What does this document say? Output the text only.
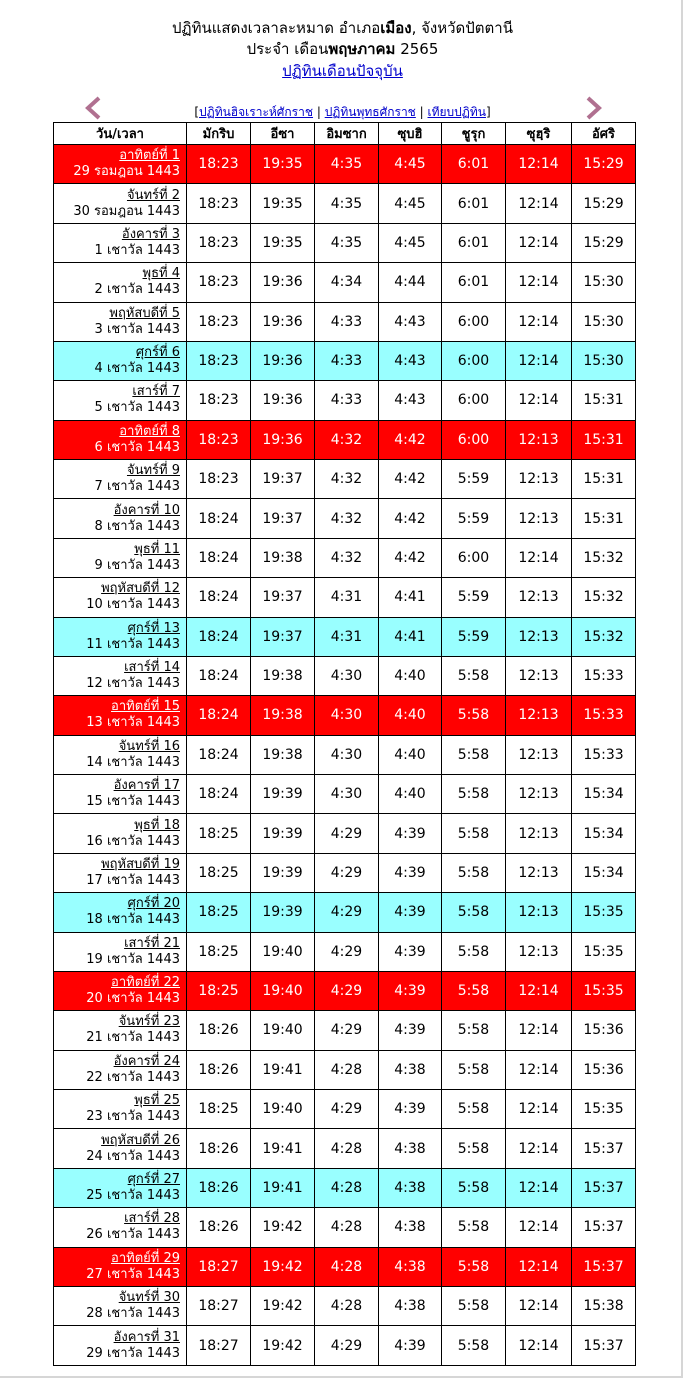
ปฏิทินแสดงเวลาละหมาด อำเภอเมือง, จังหวัดปัตตานี
ประจำ เดือนพฤษภาคม 2565
ปฏิทินเดือนปัจจุบัน
[ปฏิทินฮิจเราะห์ศักราช | ปฏิทินพุทธศักราช | เทียบปฏิทิน]
วัน/เวลา	มักริบ	อีซา	อิมซาก	ซุบฮิ	ชูรุก	ซุฮฺริ	อัศริ

อาทิตย์ที่ 1
29 รอมฎอน 1443	18:23	19:35	4:35	4:45	6:01	12:14	15:29

จันทร์ที่ 2
30 รอมฎอน 1443	18:23	19:35	4:35	4:45	6:01	12:14	15:29

อังคารที่ 3
1 เชาวัล 1443	18:23	19:35	4:35	4:45	6:01	12:14	15:29

พุธที่ 4
2 เชาวัล 1443	18:23	19:36	4:34	4:44	6:01	12:14	15:30

พฤหัสบดีที่ 5
3 เชาวัล 1443	18:23	19:36	4:33	4:43	6:00	12:14	15:30

ศุกร์ที่ 6
4 เชาวัล 1443	18:23	19:36	4:33	4:43	6:00	12:14	15:30

เสาร์ที่ 7
5 เชาวัล 1443	18:23	19:36	4:33	4:43	6:00	12:14	15:31

อาทิตย์ที่ 8
6 เชาวัล 1443	18:23	19:36	4:32	4:42	6:00	12:13	15:31

จันทร์ที่ 9
7 เชาวัล 1443	18:23	19:37	4:32	4:42	5:59	12:13	15:31

อังคารที่ 10
8 เชาวัล 1443	18:24	19:37	4:32	4:42	5:59	12:13	15:31

พุธที่ 11
9 เชาวัล 1443	18:24	19:38	4:32	4:42	6:00	12:14	15:32

พฤหัสบดีที่ 12
10 เชาวัล 1443	18:24	19:37	4:31	4:41	5:59	12:13	15:32

ศุกร์ที่ 13
11 เชาวัล 1443	18:24	19:37	4:31	4:41	5:59	12:13	15:32

เสาร์ที่ 14
12 เชาวัล 1443	18:24	19:38	4:30	4:40	5:58	12:13	15:33

อาทิตย์ที่ 15
13 เชาวัล 1443	18:24	19:38	4:30	4:40	5:58	12:13	15:33

จันทร์ที่ 16
14 เชาวัล 1443	18:24	19:38	4:30	4:40	5:58	12:13	15:33

อังคารที่ 17
15 เชาวัล 1443	18:24	19:39	4:30	4:40	5:58	12:13	15:34

พุธที่ 18
16 เชาวัล 1443	18:25	19:39	4:29	4:39	5:58	12:13	15:34

พฤหัสบดีที่ 19
17 เชาวัล 1443	18:25	19:39	4:29	4:39	5:58	12:13	15:34

ศุกร์ที่ 20
18 เชาวัล 1443	18:25	19:39	4:29	4:39	5:58	12:13	15:35

เสาร์ที่ 21
19 เชาวัล 1443	18:25	19:40	4:29	4:39	5:58	12:13	15:35

อาทิตย์ที่ 22
20 เชาวัล 1443	18:25	19:40	4:29	4:39	5:58	12:14	15:35

จันทร์ที่ 23
21 เชาวัล 1443	18:26	19:40	4:29	4:39	5:58	12:14	15:36

อังคารที่ 24
22 เชาวัล 1443	18:26	19:41	4:28	4:38	5:58	12:14	15:36

พุธที่ 25
23 เชาวัล 1443	18:25	19:40	4:29	4:39	5:58	12:14	15:35

พฤหัสบดีที่ 26
24 เชาวัล 1443	18:26	19:41	4:28	4:38	5:58	12:14	15:37

ศุกร์ที่ 27
25 เชาวัล 1443	18:26	19:41	4:28	4:38	5:58	12:14	15:37

เสาร์ที่ 28
26 เชาวัล 1443	18:26	19:42	4:28	4:38	5:58	12:14	15:37

อาทิตย์ที่ 29
27 เชาวัล 1443	18:27	19:42	4:28	4:38	5:58	12:14	15:37

จันทร์ที่ 30
28 เชาวัล 1443	18:27	19:42	4:28	4:38	5:58	12:14	15:38

อังคารที่ 31
29 เชาวัล 1443	18:27	19:42	4:29	4:39	5:58	12:14	15:37
